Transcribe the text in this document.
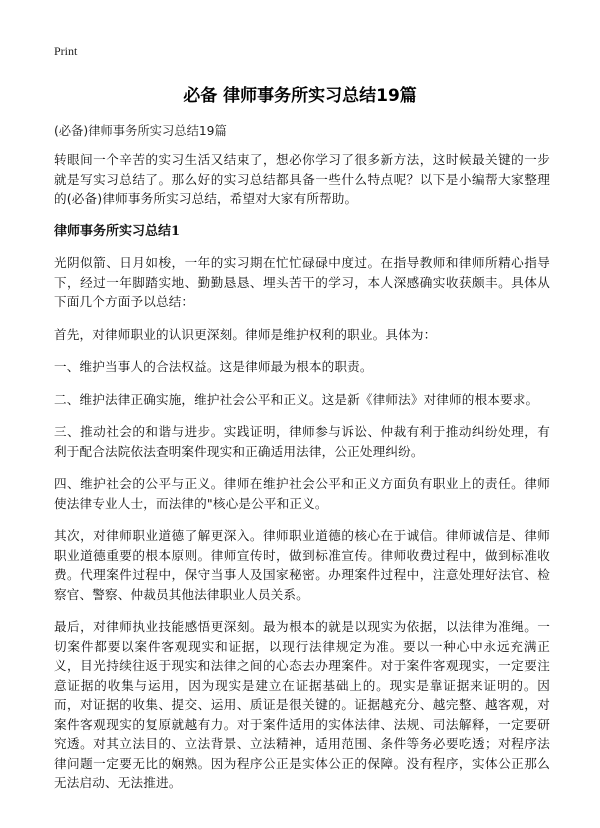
Print
必备 律师事务所实习总结19篇
(必备)律师事务所实习总结19篇

转眼间一个辛苦的实习生活又结束了，想必你学习了很多新方法，这时候最关键的一步就是写实习总结了。那么好的实习总结都具备一些什么特点呢？以下是小编帮大家整理的(必备)律师事务所实习总结，希望对大家有所帮助。

律师事务所实习总结1

光阴似箭、日月如梭，一年的实习期在忙忙碌碌中度过。在指导教师和律师所精心指导下，经过一年脚踏实地、勤勤恳恳、埋头苦干的学习，本人深感确实收获颇丰。具体从下面几个方面予以总结：

首先，对律师职业的认识更深刻。律师是维护权利的职业。具体为：

一、维护当事人的合法权益。这是律师最为根本的职责。

二、维护法律正确实施，维护社会公平和正义。这是新《律师法》对律师的根本要求。

三、推动社会的和谐与进步。实践证明，律师参与诉讼、仲裁有利于推动纠纷处理，有利于配合法院依法查明案件现实和正确适用法律，公正处理纠纷。

四、维护社会的公平与正义。律师在维护社会公平和正义方面负有职业上的责任。律师使法律专业人士，而法律的"核心是公平和正义。

其次，对律师职业道德了解更深入。律师职业道德的核心在于诚信。律师诚信是、律师职业道德重要的根本原则。律师宣传时，做到标准宣传。律师收费过程中，做到标准收费。代理案件过程中，保守当事人及国家秘密。办理案件过程中，注意处理好法官、检察官、警察、仲裁员其他法律职业人员关系。

最后，对律师执业技能感悟更深刻。最为根本的就是以现实为依据，以法律为准绳。一切案件都要以案件客观现实和证据，以现行法律规定为准。要以一种心中永远充满正义，目光持续往返于现实和法律之间的心态去办理案件。对于案件客观现实，一定要注意证据的收集与运用，因为现实是建立在证据基础上的。现实是靠证据来证明的。因而，对证据的收集、提交、运用、质证是很关键的。证据越充分、越完整、越客观，对案件客观现实的复原就越有力。对于案件适用的实体法律、法规、司法解释，一定要研究透。对其立法目的、立法背景、立法精神，适用范围、条件等务必要吃透；对程序法律问题一定要无比的娴熟。因为程序公正是实体公正的保障。没有程序，实体公正那么无法启动、无法推进。
